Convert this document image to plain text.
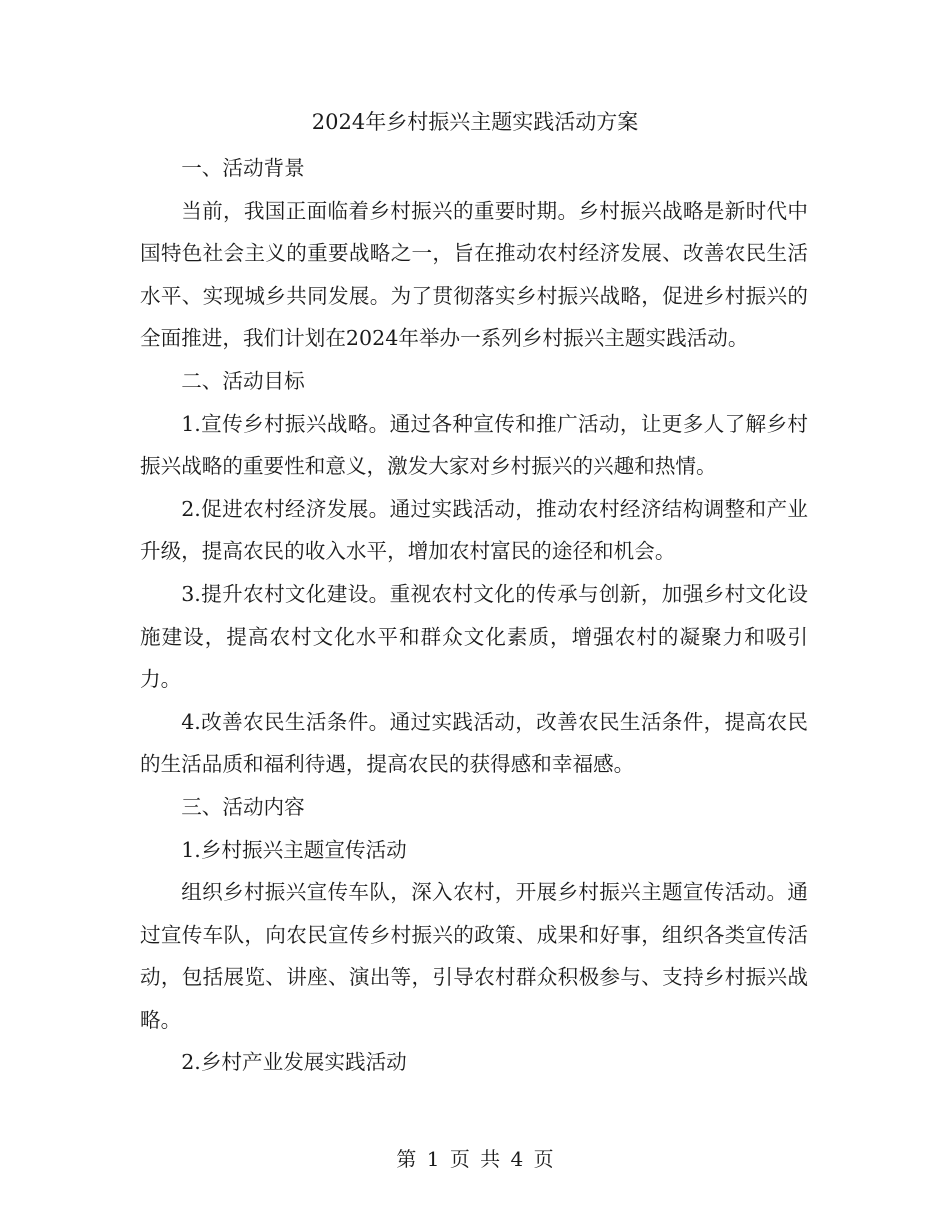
2024年乡村振兴主题实践活动方案

一、活动背景

当前，我国正面临着乡村振兴的重要时期。乡村振兴战略是新时代中国特色社会主义的重要战略之一，旨在推动农村经济发展、改善农民生活水平、实现城乡共同发展。为了贯彻落实乡村振兴战略，促进乡村振兴的全面推进，我们计划在2024年举办一系列乡村振兴主题实践活动。

二、活动目标

1.宣传乡村振兴战略。通过各种宣传和推广活动，让更多人了解乡村振兴战略的重要性和意义，激发大家对乡村振兴的兴趣和热情。

2.促进农村经济发展。通过实践活动，推动农村经济结构调整和产业升级，提高农民的收入水平，增加农村富民的途径和机会。

3.提升农村文化建设。重视农村文化的传承与创新，加强乡村文化设施建设，提高农村文化水平和群众文化素质，增强农村的凝聚力和吸引力。

4.改善农民生活条件。通过实践活动，改善农民生活条件，提高农民的生活品质和福利待遇，提高农民的获得感和幸福感。

三、活动内容

1.乡村振兴主题宣传活动

组织乡村振兴宣传车队，深入农村，开展乡村振兴主题宣传活动。通过宣传车队，向农民宣传乡村振兴的政策、成果和好事，组织各类宣传活动，包括展览、讲座、演出等，引导农村群众积极参与、支持乡村振兴战略。

2.乡村产业发展实践活动

第 1 页 共 4 页
